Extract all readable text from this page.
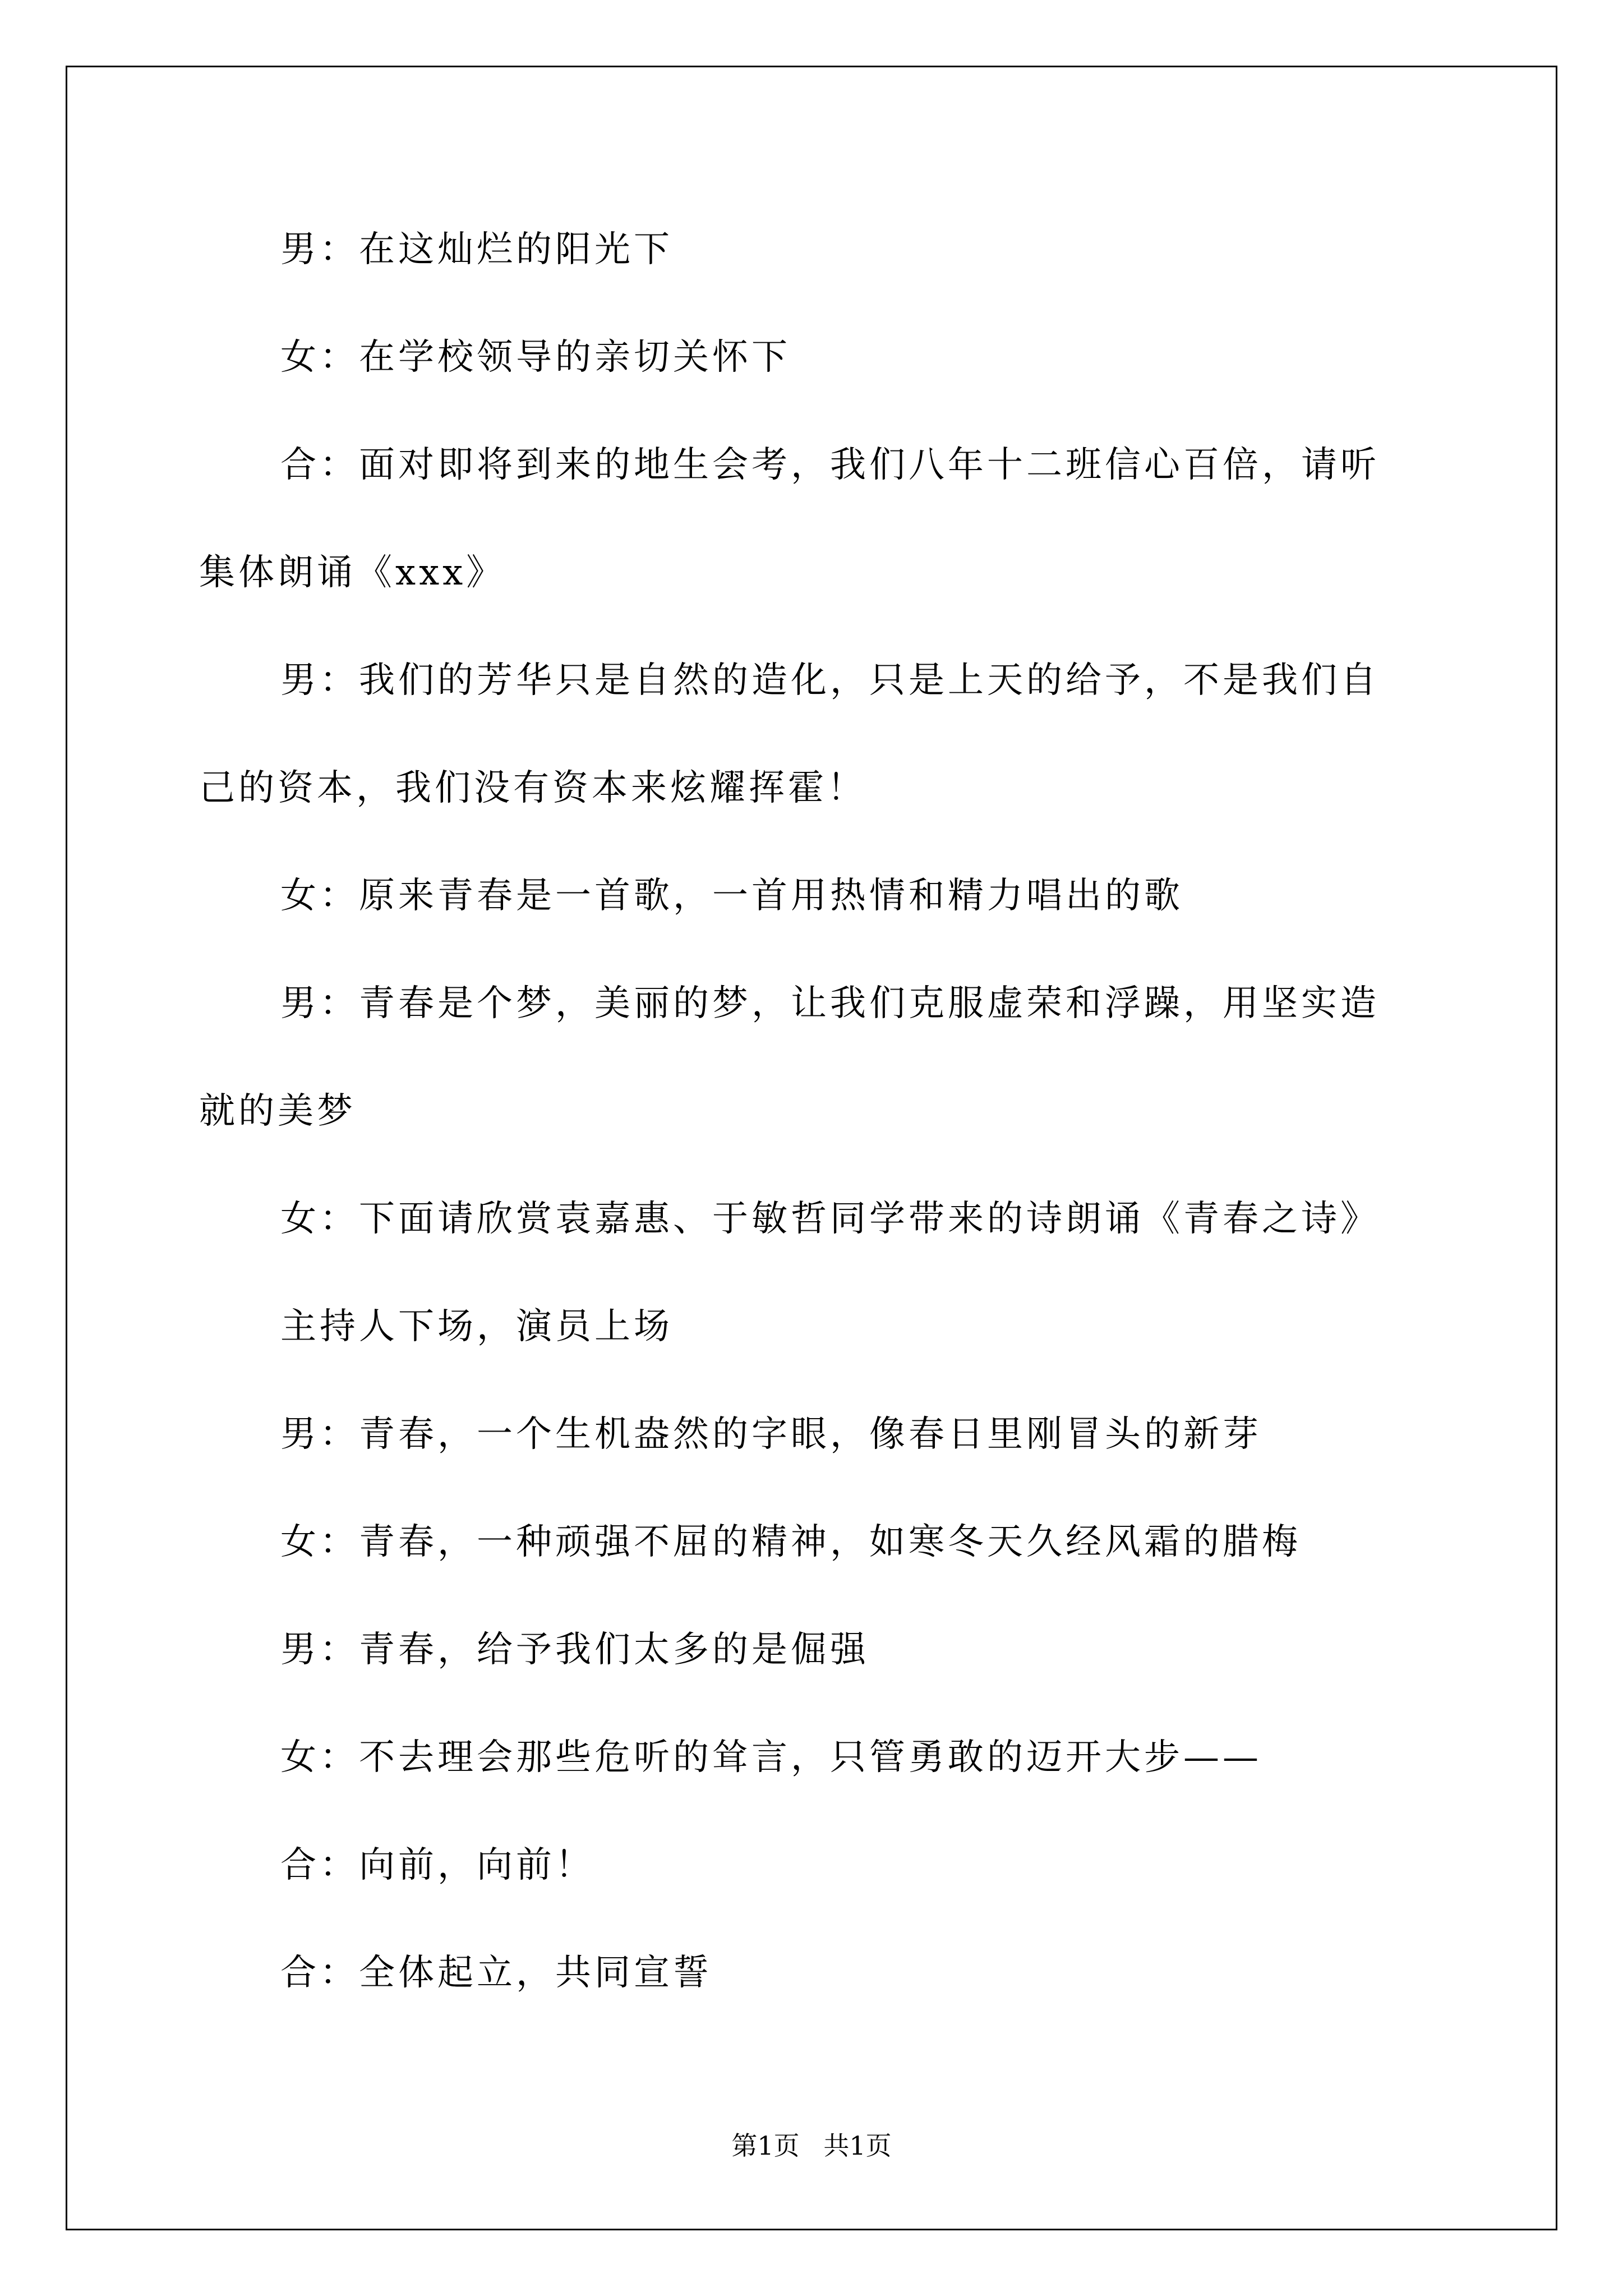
男：在这灿烂的阳光下
女：在学校领导的亲切关怀下
合：面对即将到来的地生会考，我们八年十二班信心百倍，请听
集体朗诵《xxx》
男：我们的芳华只是自然的造化，只是上天的给予，不是我们自
己的资本，我们没有资本来炫耀挥霍！
女：原来青春是一首歌，一首用热情和精力唱出的歌
男：青春是个梦，美丽的梦，让我们克服虚荣和浮躁，用坚实造
就的美梦
女：下面请欣赏袁嘉惠、于敏哲同学带来的诗朗诵《青春之诗》
主持人下场，演员上场
男：青春，一个生机盎然的字眼，像春日里刚冒头的新芽
女：青春，一种顽强不屈的精神，如寒冬天久经风霜的腊梅
男：青春，给予我们太多的是倔强
女：不去理会那些危听的耸言，只管勇敢的迈开大步——
合：向前，向前！
合：全体起立，共同宣誓
第1页 共1页
